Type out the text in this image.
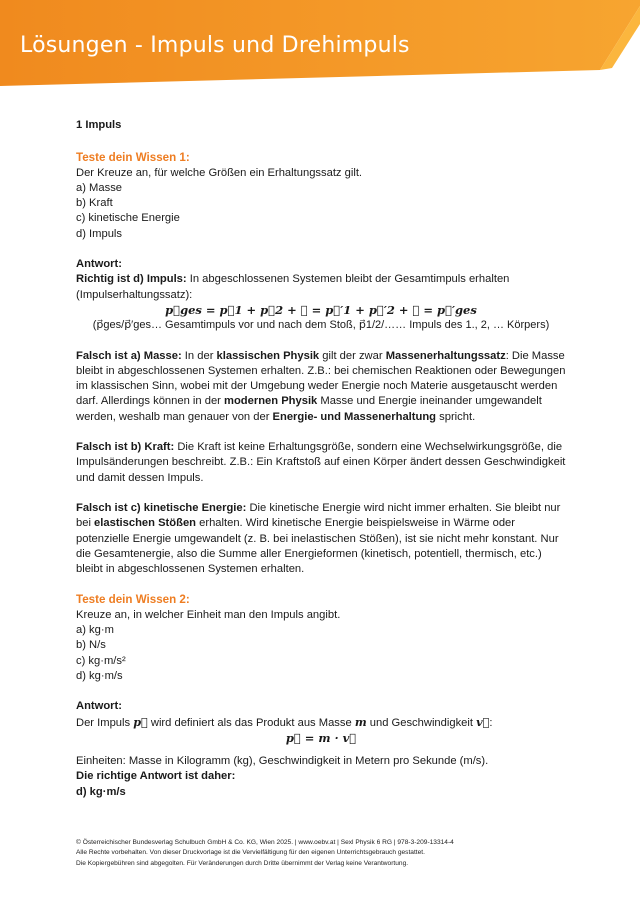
Lösungen - Impuls und Drehimpuls

1 Impuls

Teste dein Wissen 1:

Der Kreuze an, für welche Größen ein Erhaltungssatz gilt.

a) Masse

b) Kraft

c) kinetische Energie

d) Impuls

Antwort:

Richtig ist d) Impuls: In abgeschlossenen Systemen bleibt der Gesamtimpuls erhalten (Impulserhaltungssatz):

p⃗ges = p⃗1 + p⃗2 + ⋯ = p⃗′1 + p⃗′2 + ⋯ = p⃗′ges

(p⃗ges/p⃗′ges… Gesamtimpuls vor und nach dem Stoß, p⃗1/2/…… Impuls des 1., 2, … Körpers)

Falsch ist a) Masse: In der klassischen Physik gilt der zwar Massenerhaltungssatz: Die Masse bleibt in abgeschlossenen Systemen erhalten. Z.B.: bei chemischen Reaktionen oder Bewegungen im klassischen Sinn, wobei mit der Umgebung weder Energie noch Materie ausgetauscht werden darf. Allerdings können in der modernen Physik Masse und Energie ineinander umgewandelt werden, weshalb man genauer von der Energie- und Massenerhaltung spricht.

Falsch ist b) Kraft: Die Kraft ist keine Erhaltungsgröße, sondern eine Wechselwirkungsgröße, die Impulsänderungen beschreibt. Z.B.: Ein Kraftstoß auf einen Körper ändert dessen Geschwindigkeit und damit dessen Impuls.

Falsch ist c) kinetische Energie: Die kinetische Energie wird nicht immer erhalten. Sie bleibt nur bei elastischen Stößen erhalten. Wird kinetische Energie beispielsweise in Wärme oder potenzielle Energie umgewandelt (z. B. bei inelastischen Stößen), ist sie nicht mehr konstant. Nur die Gesamtenergie, also die Summe aller Energieformen (kinetisch, potentiell, thermisch, etc.) bleibt in abgeschlossenen Systemen erhalten.

Teste dein Wissen 2:

Kreuze an, in welcher Einheit man den Impuls angibt.

a) kg·m

b) N/s

c) kg·m/s²

d) kg·m/s

Antwort:

Der Impuls p⃗ wird definiert als das Produkt aus Masse m und Geschwindigkeit v⃗:

p⃗ = m · v⃗

Einheiten: Masse in Kilogramm (kg), Geschwindigkeit in Metern pro Sekunde (m/s).

Die richtige Antwort ist daher:

d) kg·m/s

© Österreichischer Bundesverlag Schulbuch GmbH & Co. KG, Wien 2025. | www.oebv.at | Sexl Physik 6 RG | 978-3-209-13314-4
Alle Rechte vorbehalten. Von dieser Druckvorlage ist die Vervielfältigung für den eigenen Unterrichtsgebrauch gestattet.
Die Kopiergebühren sind abgegolten. Für Veränderungen durch Dritte übernimmt der Verlag keine Verantwortung.
